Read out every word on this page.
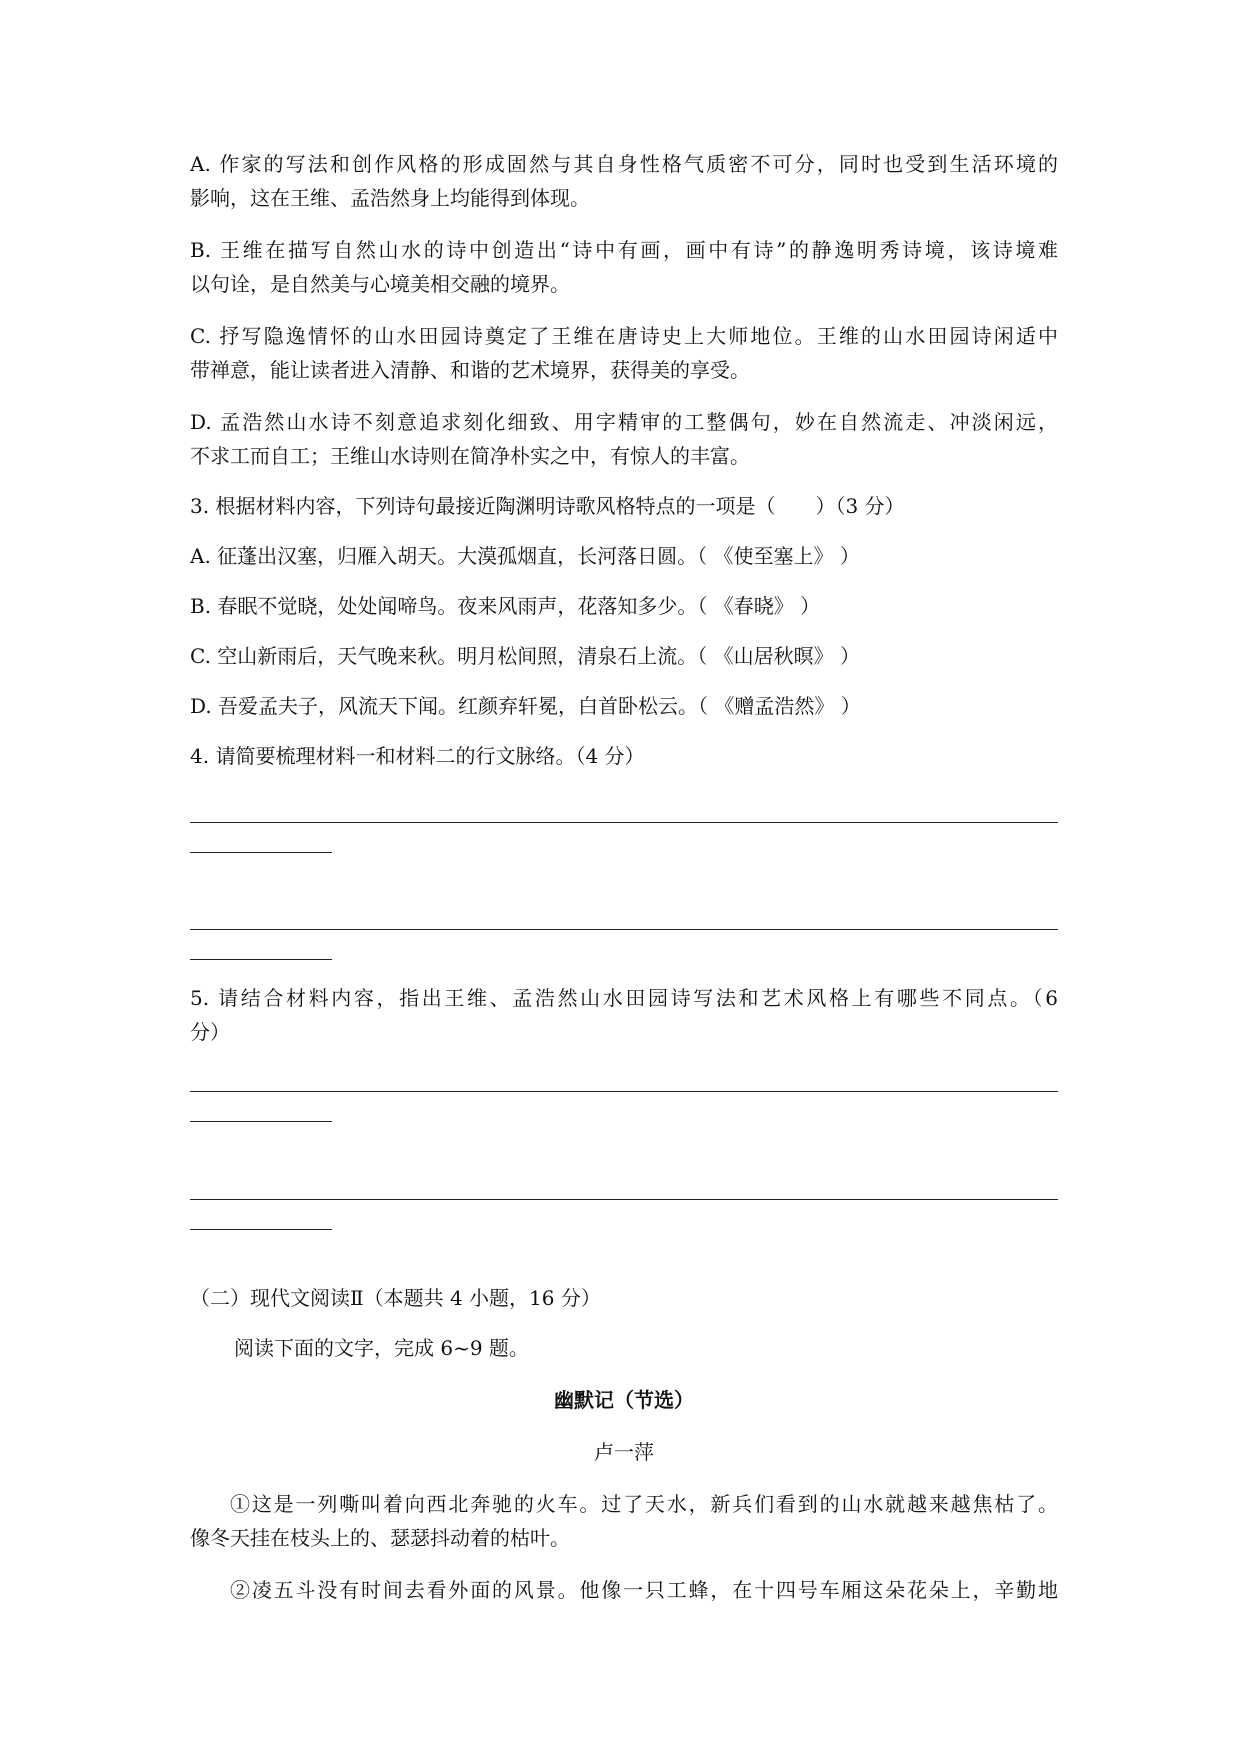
A. 作家的写法和创作风格的形成固然与其自身性格气质密不可分，同时也受到生活环境的
影响，这在王维、孟浩然身上均能得到体现。
B. 王维在描写自然山水的诗中创造出“诗中有画，画中有诗”的静逸明秀诗境，该诗境难
以句诠，是自然美与心境美相交融的境界。
C. 抒写隐逸情怀的山水田园诗奠定了王维在唐诗史上大师地位。王维的山水田园诗闲适中
带禅意，能让读者进入清静、和谐的艺术境界，获得美的享受。
D. 孟浩然山水诗不刻意追求刻化细致、用字精审的工整偶句，妙在自然流走、冲淡闲远，
不求工而自工；王维山水诗则在简净朴实之中，有惊人的丰富。
3. 根据材料内容，下列诗句最接近陶渊明诗歌风格特点的一项是（　　）（3 分）
A. 征蓬出汉塞，归雁入胡天。大漠孤烟直，长河落日圆。（ 《使至塞上》 ）
B. 春眠不觉晓，处处闻啼鸟。夜来风雨声，花落知多少。（ 《春晓》 ）
C. 空山新雨后，天气晚来秋。明月松间照，清泉石上流。（ 《山居秋暝》 ）
D. 吾爱孟夫子，风流天下闻。红颜弃轩冕，白首卧松云。（ 《赠孟浩然》 ）
4. 请简要梳理材料一和材料二的行文脉络。（4 分）
5. 请结合材料内容，指出王维、孟浩然山水田园诗写法和艺术风格上有哪些不同点。（6
分）
（二）现代文阅读Ⅱ（本题共 4 小题，16 分）
阅读下面的文字，完成 6~9 题。
幽默记（节选）
卢一萍
①这是一列嘶叫着向西北奔驰的火车。过了天水，新兵们看到的山水就越来越焦枯了。
像冬天挂在枝头上的、瑟瑟抖动着的枯叶。
②凌五斗没有时间去看外面的风景。他像一只工蜂，在十四号车厢这朵花朵上，辛勤地
